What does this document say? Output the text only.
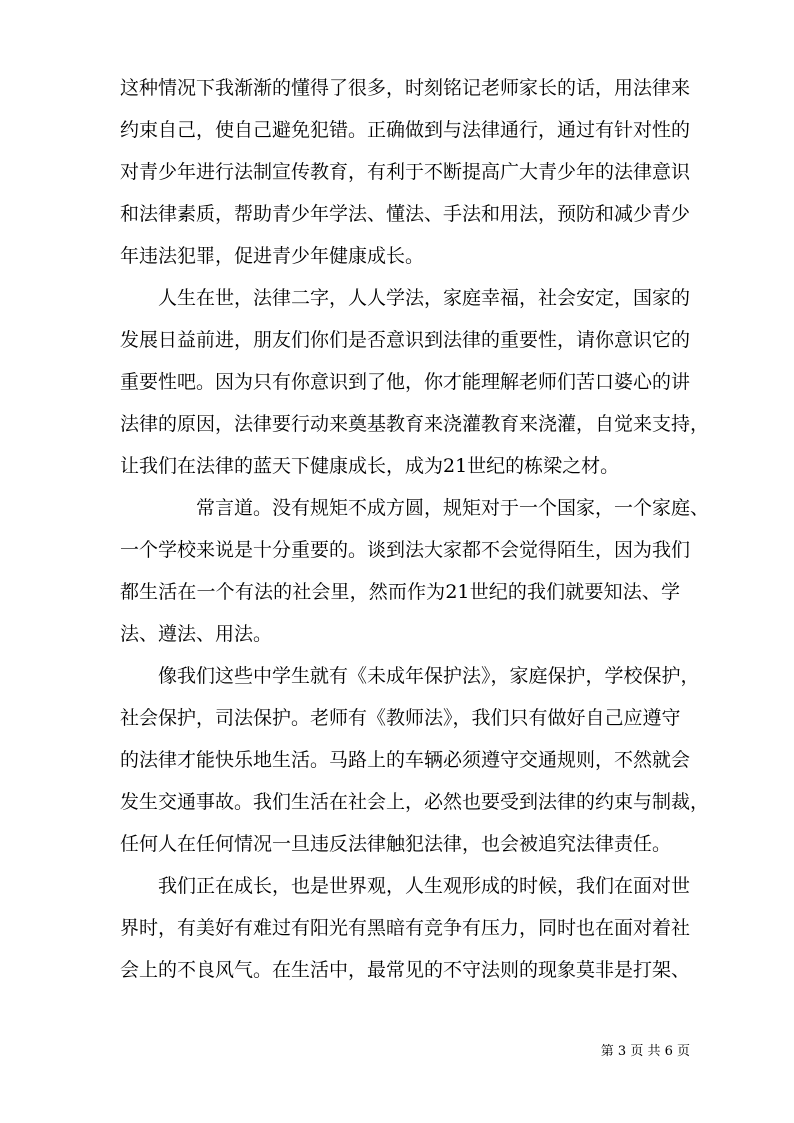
这种情况下我渐渐的懂得了很多，时刻铭记老师家长的话，用法律来
约束自己，使自己避免犯错。正确做到与法律通行，通过有针对性的
对青少年进行法制宣传教育，有利于不断提高广大青少年的法律意识
和法律素质，帮助青少年学法、懂法、手法和用法，预防和减少青少
年违法犯罪，促进青少年健康成长。
人生在世，法律二字，人人学法，家庭幸福，社会安定，国家的
发展日益前进，朋友们你们是否意识到法律的重要性，请你意识它的
重要性吧。因为只有你意识到了他，你才能理解老师们苦口婆心的讲
法律的原因，法律要行动来奠基教育来浇灌教育来浇灌，自觉来支持，
让我们在法律的蓝天下健康成长，成为21世纪的栋梁之材。
常言道。没有规矩不成方圆，规矩对于一个国家，一个家庭、
一个学校来说是十分重要的。谈到法大家都不会觉得陌生，因为我们
都生活在一个有法的社会里，然而作为21世纪的我们就要知法、学
法、遵法、用法。
像我们这些中学生就有《未成年保护法》，家庭保护，学校保护，
社会保护，司法保护。老师有《教师法》，我们只有做好自己应遵守
的法律才能快乐地生活。马路上的车辆必须遵守交通规则，不然就会
发生交通事故。我们生活在社会上，必然也要受到法律的约束与制裁，
任何人在任何情况一旦违反法律触犯法律，也会被追究法律责任。
我们正在成长，也是世界观，人生观形成的时候，我们在面对世
界时，有美好有难过有阳光有黑暗有竞争有压力，同时也在面对着社
会上的不良风气。在生活中，最常见的不守法则的现象莫非是打架、
第 3 页 共 6 页
